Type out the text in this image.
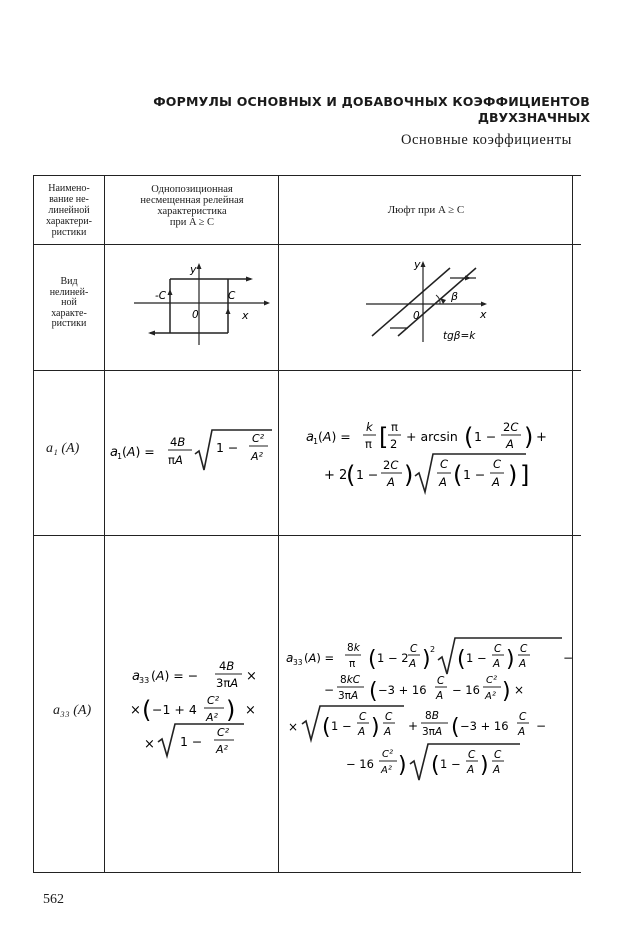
ФОРМУЛЫ ОСНОВНЫХ И ДОБАВОЧНЫХ КОЭФФИЦИЕНТОВ
ДВУХЗНАЧНЫХ
Основные коэффициенты
Наимено-
вание не-
линейной
характери-
ристики
Однопозиционная
несмещенная релейная
характеристика
при A ≥ C
Люфт при A ≥ C
Вид
нелиней-
ной
характе-
ристики
y
x
0
-C	C
y
x
0
β
tgβ=k
a₁ (A) a 1 (A) =
4B
πA
1 −
C²
A²
a 1 (A) =
k
π [ π
2 + arcsin ( 1 −
2C
A ) +
+ 2
( 1 −
2C
A ) C
A ( 1 −
C
A ) ]
a₃₃ (A)
a 33 (A) = −
4B
3πA ×
× ( −1 + 4
C²
A² ) ×
× 1 −
C²
A²
a 33 (A) =
8k
π ( 1 − 2
C
A ) 2 ( 1 −
C
A ) C
A	−
−
8kC
3πA ( −3 + 16
C
A − 16
C²
A² ) ×
× ( 1 −
C
A ) C
A +
8B
3πA ( −3 + 16
C
A −
− 16
C²
A² ) ( 1 −
C
A ) C
A
562
